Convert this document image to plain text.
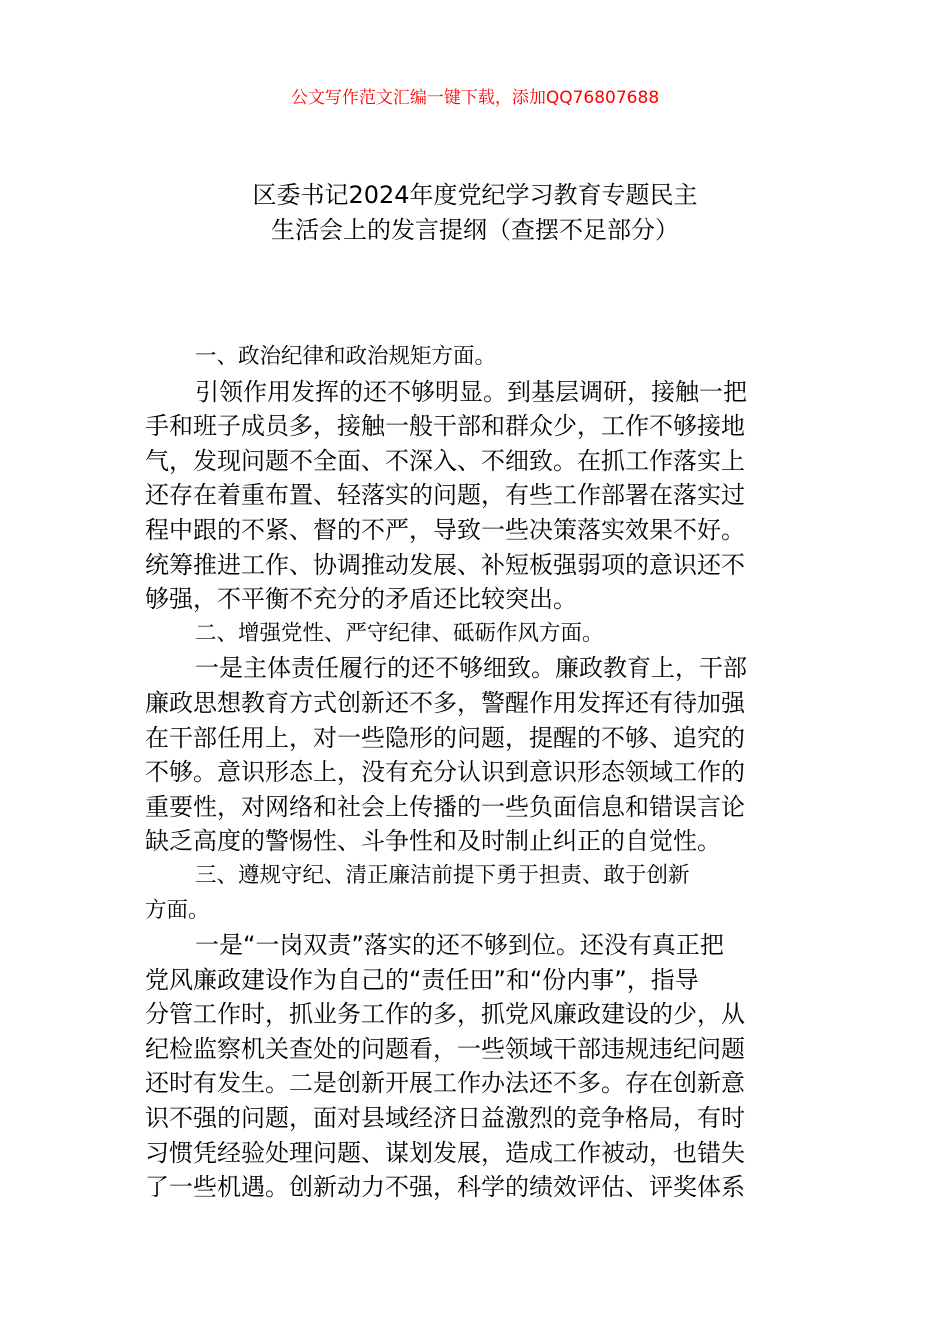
公文写作范文汇编一键下载，添加QQ76807688
区委书记2024年度党纪学习教育专题民主
生活会上的发言提纲（查摆不足部分）
一、政治纪律和政治规矩方面。
引领作用发挥的还不够明显。到基层调研，接触一把
手和班子成员多，接触一般干部和群众少，工作不够接地
气，发现问题不全面、不深入、不细致。在抓工作落实上
还存在着重布置、轻落实的问题，有些工作部署在落实过
程中跟的不紧、督的不严，导致一些决策落实效果不好。
统筹推进工作、协调推动发展、补短板强弱项的意识还不
够强，不平衡不充分的矛盾还比较突出。
二、增强党性、严守纪律、砥砺作风方面。
一是主体责任履行的还不够细致。廉政教育上，干部
廉政思想教育方式创新还不多，警醒作用发挥还有待加强
在干部任用上，对一些隐形的问题，提醒的不够、追究的
不够。意识形态上，没有充分认识到意识形态领域工作的
重要性，对网络和社会上传播的一些负面信息和错误言论
缺乏高度的警惕性、斗争性和及时制止纠正的自觉性。
三、遵规守纪、清正廉洁前提下勇于担责、敢于创新
方面。
一是“一岗双责”落实的还不够到位。还没有真正把
党风廉政建设作为自己的“责任田”和“份内事”，指导
分管工作时，抓业务工作的多，抓党风廉政建设的少，从
纪检监察机关查处的问题看，一些领域干部违规违纪问题
还时有发生。二是创新开展工作办法还不多。存在创新意
识不强的问题，面对县域经济日益激烈的竞争格局，有时
习惯凭经验处理问题、谋划发展，造成工作被动，也错失
了一些机遇。创新动力不强，科学的绩效评估、评奖体系
